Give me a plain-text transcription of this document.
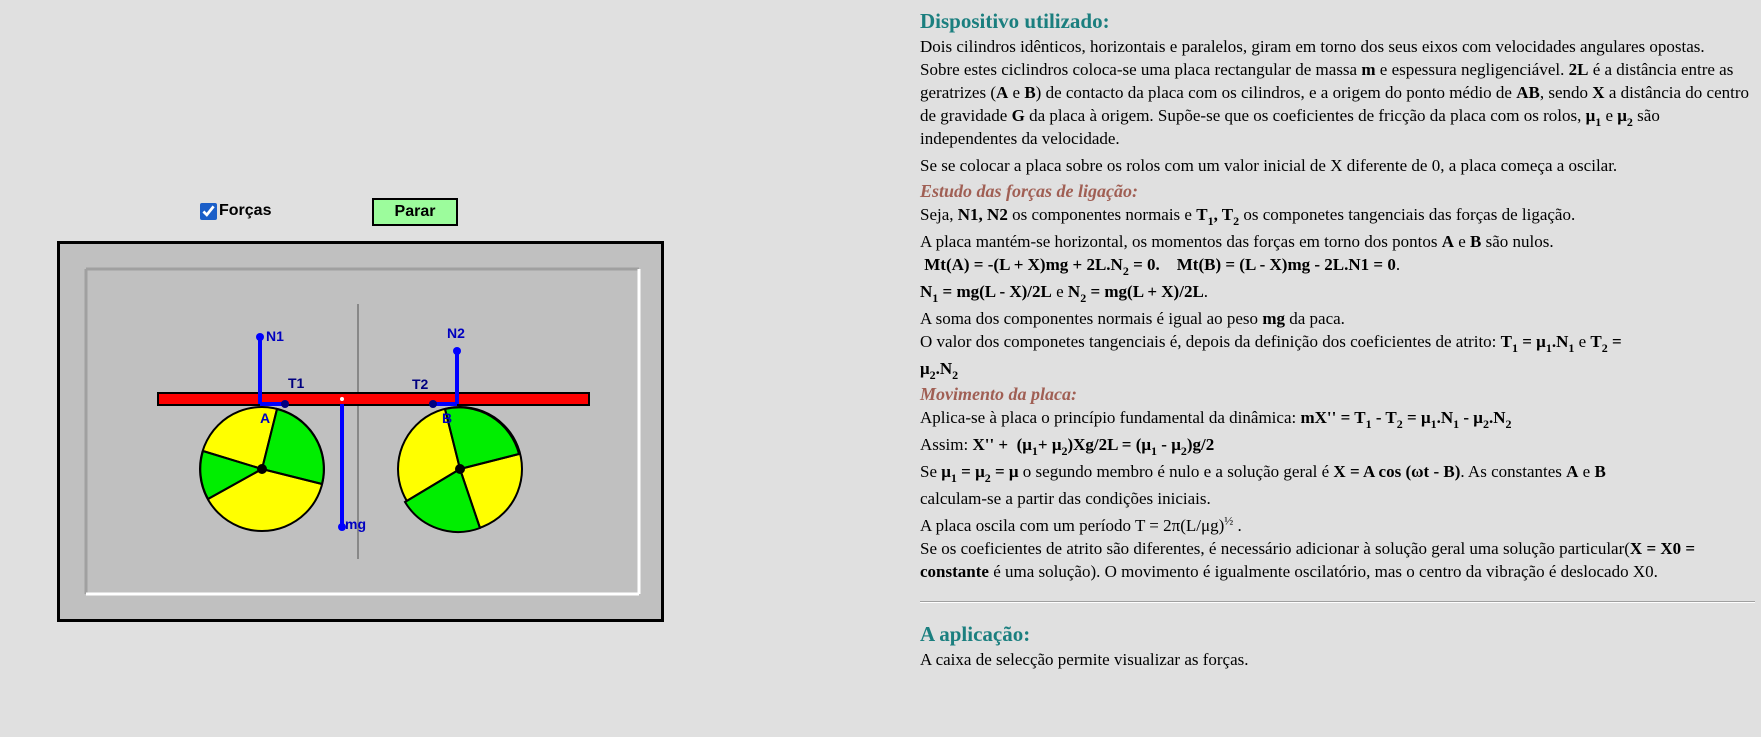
Forças	Parar
N1	N2
T1	T2
A	B
mg
Dispositivo utilizado:

Dois cilindros idênticos, horizontais e paralelos, giram em torno dos seus eixos com velocidades angulares opostas.

Sobre estes ciclindros coloca-se uma placa rectangular de massa m e espessura negligenciável. 2L é a distância entre as geratrizes (A e B) de contacto da placa com os cilindros, e a origem do ponto médio de AB, sendo X a distância do centro de gravidade G da placa à origem. Supõe-se que os coeficientes de fricção da placa com os rolos, $\mu_1$ e $\mu_2$ são independentes da velocidade.

Se se colocar a placa sobre os rolos com um valor inicial de X diferente de 0, a placa começa a oscilar.

Estudo das forças de ligação:

Seja, N1, N2 os componentes normais e $T_1$, $T_2$ os componetes tangenciais das forças de ligação.

A placa mantém-se horizontal, os momentos das forças em torno dos pontos A e B são nulos.

$Mt(A) = -(L + X)mg + 2L.N_2 = 0$. Mt(B) = (L - X)mg - 2L.N1 = 0.

$N_1 = mg(L - X)/2L$ e $N_2 = mg(L + X)/2L$.

A soma dos componentes normais é igual ao peso mg da paca.

O valor dos componetes tangenciais é, depois da definição dos coeficientes de atrito: $T_1 = \mu_1.N_1$ e $T_2$ =

$\mu_2.N_2$

Movimento da placa:

Aplica-se à placa o princípio fundamental da dinâmica: $mX'' = T_1 - T_2 = \mu_1.N_1 - \mu_2.N_2$

Assim: $X'' + (\mu_1+ \mu_2)Xg/2L = (\mu_1 - \mu_2)g/2$

Se $\mu_1 = \mu_2 = \mu$ o segundo membro é nulo e a solução geral é X = A cos (ωt - B). As constantes A e B

calculam-se a partir das condições iniciais.

A placa oscila com um período $T = 2\pi(L/\mu g)^{\frac{1}{2}}$ .

Se os coeficientes de atrito são diferentes, é necessário adicionar à solução geral uma solução particular(X = X0 = constante é uma solução). O movimento é igualmente oscilatório, mas o centro da vibração é deslocado X0.

A aplicação:

A caixa de selecção permite visualizar as forças.
